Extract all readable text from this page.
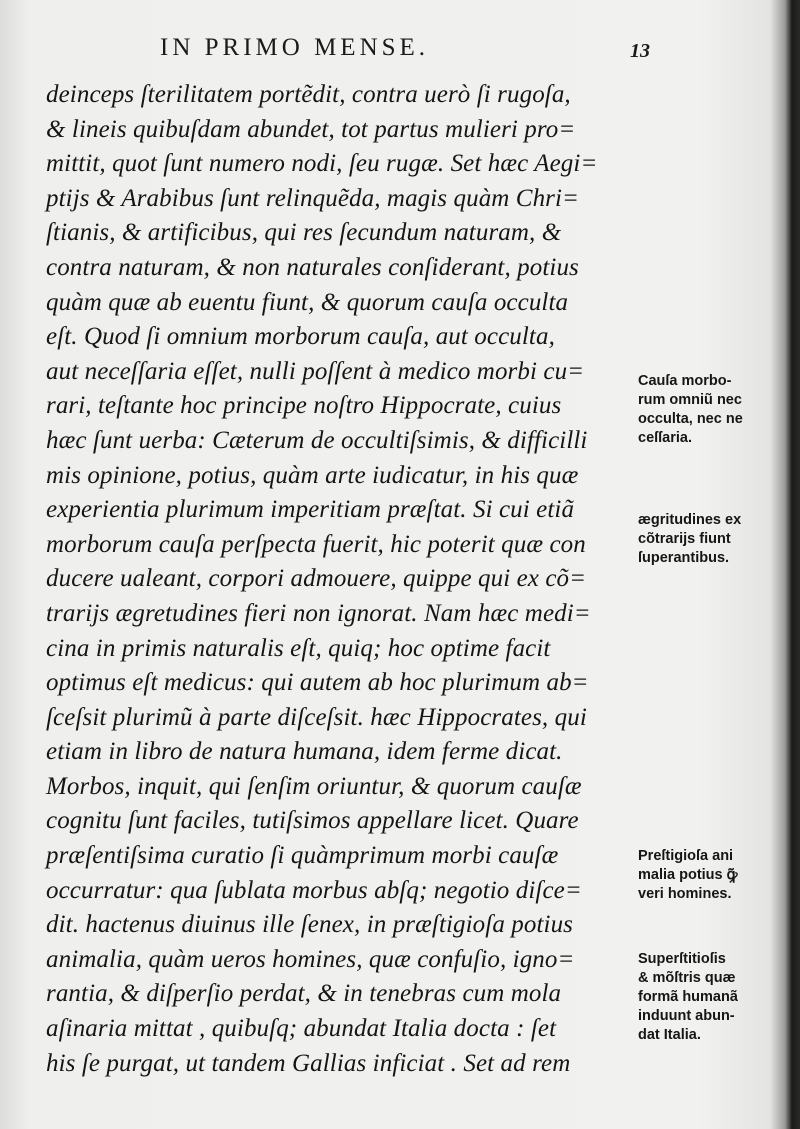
IN PRIMO MENSE.	13
deinceps ſterilitatem portẽdit, contra uerò ſi rugoſa,
& lineis quibuſdam abundet, tot partus mulieri pro=
mittit, quot ſunt numero nodi, ſeu rugæ. Set hæc Aegi=
ptijs & Arabibus ſunt relinquẽda, magis quàm Chri=
ſtianis, & artificibus, qui res ſecundum naturam, &
contra naturam, & non naturales conſiderant, potius
quàm quæ ab euentu fiunt, & quorum cauſa occulta
eſt. Quod ſi omnium morborum cauſa, aut occulta,
aut neceſſaria eſſet, nulli poſſent à medico morbi cu=
rari, teſtante hoc principe noſtro Hippocrate, cuius
hæc ſunt uerba: Cæterum de occultiſsimis, & difficilli
mis opinione, potius, quàm arte iudicatur, in his quæ
experientia plurimum imperitiam præſtat. Si cui etiã
morborum cauſa perſpecta fuerit, hic poterit quæ con
ducere ualeant, corpori admouere, quippe qui ex cõ=
trarijs ægretudines fieri non ignorat. Nam hæc medi=
cina in primis naturalis eſt, quiq; hoc optime facit
optimus eſt medicus: qui autem ab hoc plurimum ab=
ſceſsit plurimũ à parte diſceſsit. hæc Hippocrates, qui
etiam in libro de natura humana, idem ferme dicat.
Morbos, inquit, qui ſenſim oriuntur, & quorum cauſæ
cognitu ſunt faciles, tutiſsimos appellare licet. Quare
præſentiſsima curatio ſi quàmprimum morbi cauſæ
occurratur: qua ſublata morbus abſq; negotio diſce=
dit. hactenus diuinus ille ſenex, in præſtigioſa potius
animalia, quàm ueros homines, quæ confuſio, igno=
rantia, & diſperſio perdat, & in tenebras cum mola
aſinaria mittat , quibuſq; abundat Italia docta : ſet
his ſe purgat, ut tandem Gallias inficiat . Set ad rem
Cauſa morbo-
rum omniũ nec
occulta, nec ne
ceſſaria.
ægritudines ex
cõtrarijs fiunt
ſuperantibus.
Preſtigioſa ani
malia potius ꝙ̃
veri homines.
Superſtitioſis
& mõſtris quæ
formã humanã
induunt abun-
dat Italia.
